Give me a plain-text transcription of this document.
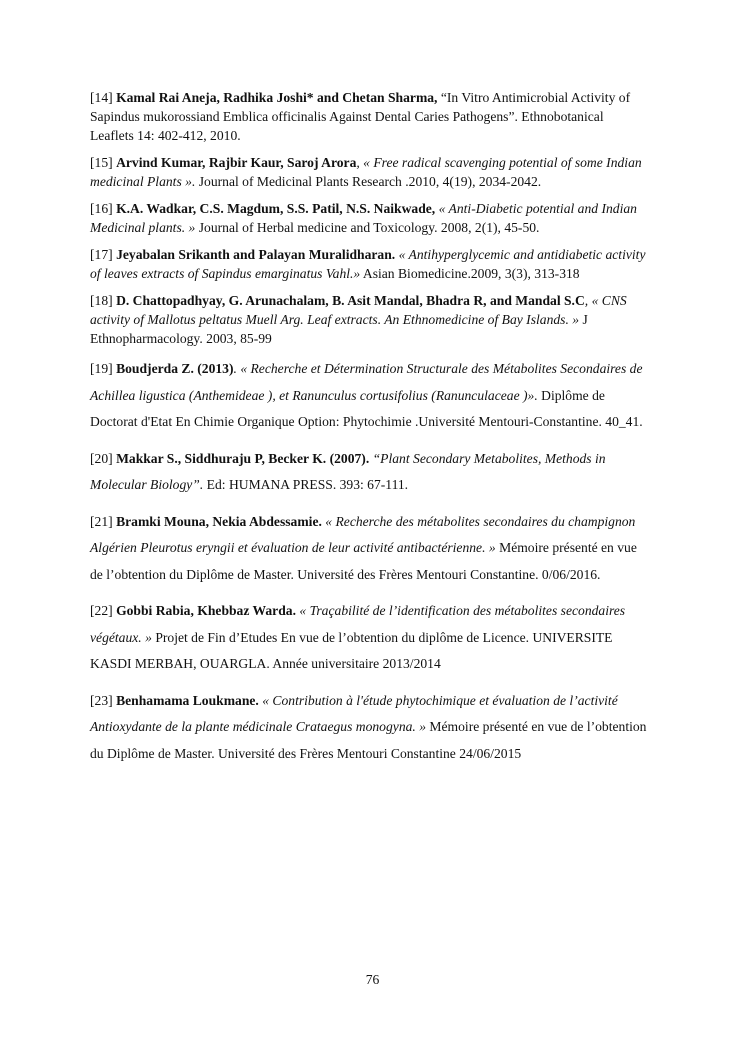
[14] Kamal Rai Aneja, Radhika Joshi* and Chetan Sharma, “In Vitro Antimicrobial Activity of Sapindus mukorossiand Emblica officinalis Against Dental Caries Pathogens”. Ethnobotanical Leaflets 14: 402-412, 2010.

[15] Arvind Kumar, Rajbir Kaur, Saroj Arora, « Free radical scavenging potential of some Indian medicinal Plants ». Journal of Medicinal Plants Research .2010, 4(19), 2034-2042.

[16] K.A. Wadkar, C.S. Magdum, S.S. Patil, N.S. Naikwade, « Anti-Diabetic potential and Indian Medicinal plants. » Journal of Herbal medicine and Toxicology. 2008, 2(1), 45-50.

[17] Jeyabalan Srikanth and Palayan Muralidharan. « Antihyperglycemic and antidiabetic activity of leaves extracts of Sapindus emarginatus Vahl.» Asian Biomedicine.2009, 3(3), 313-318

[18] D. Chattopadhyay, G. Arunachalam, B. Asit Mandal, Bhadra R, and Mandal S.C, « CNS activity of Mallotus peltatus Muell Arg. Leaf extracts. An Ethnomedicine of Bay Islands. » J Ethnopharmacology. 2003, 85-99

[19] Boudjerda Z. (2013). « Recherche et Détermination Structurale des Métabolites Secondaires de Achillea ligustica (Anthemideae ), et Ranunculus cortusifolius (Ranunculaceae )». Diplôme de Doctorat d'Etat En Chimie Organique Option: Phytochimie .Université Mentouri-Constantine. 40_41.

[20] Makkar S., Siddhuraju P, Becker K. (2007). “Plant Secondary Metabolites, Methods in Molecular Biology”. Ed: HUMANA PRESS. 393: 67-111.

[21] Bramki Mouna, Nekia Abdessamie. « Recherche des métabolites secondaires du champignon Algérien Pleurotus eryngii et évaluation de leur activité antibactérienne. » Mémoire présenté en vue de l’obtention du Diplôme de Master. Université des Frères Mentouri Constantine. 0/06/2016.

[22] Gobbi Rabia, Khebbaz Warda. « Traçabilité de l’identification des métabolites secondaires végétaux. » Projet de Fin d’Etudes En vue de l’obtention du diplôme de Licence. UNIVERSITE KASDI MERBAH, OUARGLA. Année universitaire 2013/2014

[23] Benhamama Loukmane. « Contribution à l'étude phytochimique et évaluation de l’activité Antioxydante de la plante médicinale Crataegus monogyna. » Mémoire présenté en vue de l’obtention du Diplôme de Master. Université des Frères Mentouri Constantine 24/06/2015

76
